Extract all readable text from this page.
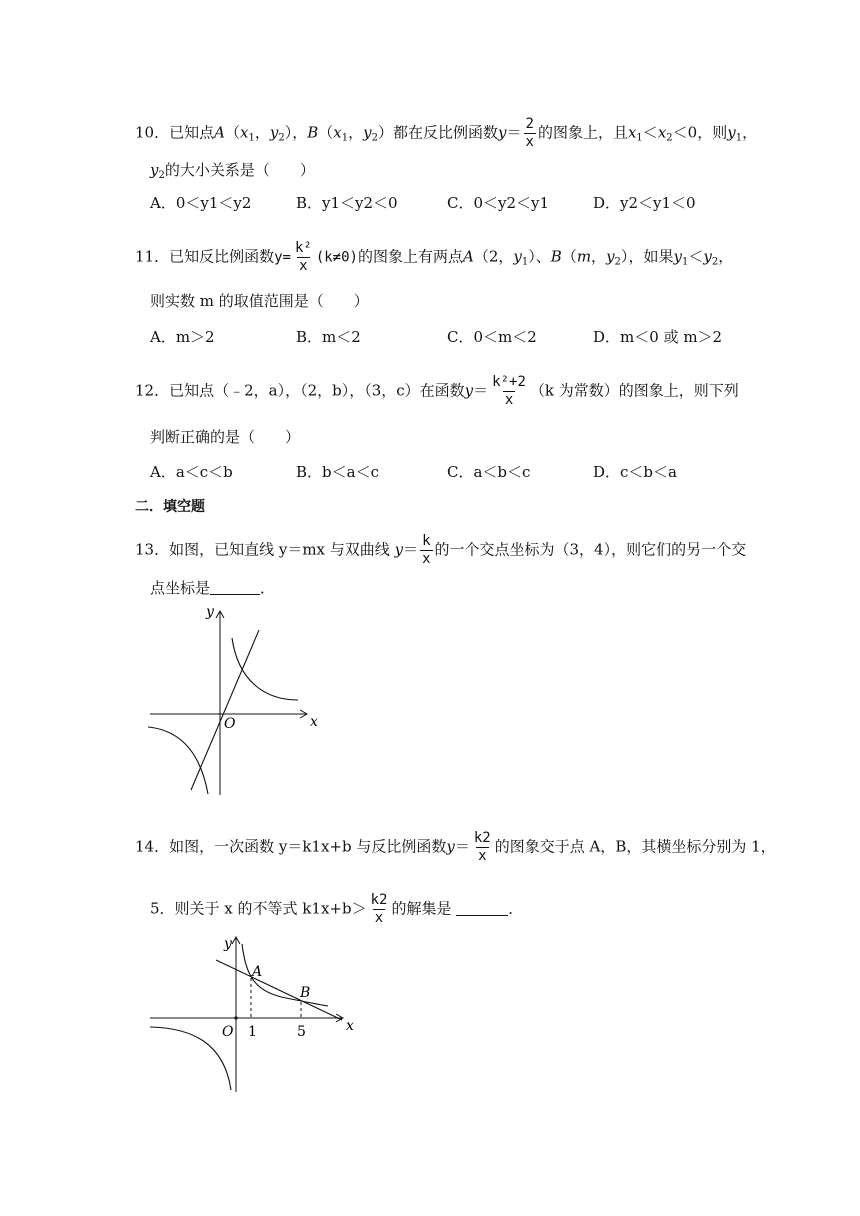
10．已知点$A(x_1$，$y_2$），$B(x_1$，$y_2$）都在反比例函数$y= \frac{2}{x}$ 的图象上，且$x_1<x_2<0$，则$y_1$，
$y_2$的大小关系是（　　）
A．0＜y1＜y2	B．y1＜y2＜0	C．0＜y2＜y1	D．y2＜y1＜0
11．已知反比例函数$y= \frac{\text{k²}}{x} (k\ne 0)$的图象上有两点A（2，$y_1$）、B（m，$y_2$），如果$y_1<y_2$，
则实数 m 的取值范围是（　　）
A．m＞2	B．m＜2	C．0＜m＜2	D．m＜0 或 m＞2
12．已知点（﹣2，a），（2，b），（3，c）在函数$y= \frac{\text{k²+2}}{x} (k$ 为常数）的图象上，则下列
判断正确的是（　　）
A．a＜c＜b	B．b＜a＜c	C．a＜b＜c	D．c＜b＜a
二．填空题
13．如图，已知直线 y＝mx 与双曲线 $y= \frac{k}{x}$ 的一个交点坐标为（3，4），则它们的另一个交
点坐标是	．
x
y
O
14．如图，一次函数 y＝k1x+b 与反比例函数$y= \frac{k2}{x}$ 的图象交于点 A，B，其横坐标分别为 1，
5．则关于 x 的不等式 $k1x+b> \frac{k2}{x}$ 的解集是	．
x
y
O
A
B
1	5
